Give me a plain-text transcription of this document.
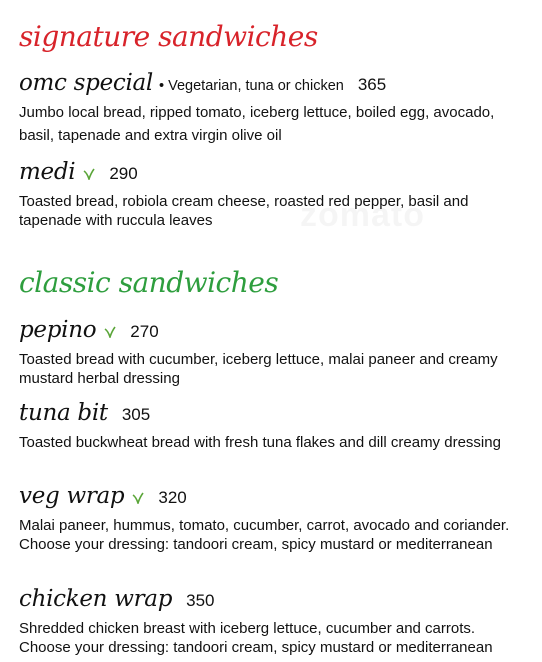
signature sandwiches
omc special • Vegetarian, tuna or chicken 365

Jumbo local bread, ripped tomato, iceberg lettuce, boiled egg, avocado, basil, tapenade and extra virgin olive oil

medi 290

Toasted bread, robiola cream cheese, roasted red pepper, basil and tapenade with ruccula leaves

classic sandwiches
pepino 270

Toasted bread with cucumber, iceberg lettuce, malai paneer and creamy mustard herbal dressing

tuna bit 305

Toasted buckwheat bread with fresh tuna flakes and dill creamy dressing

veg wrap 320

Malai paneer, hummus, tomato, cucumber, carrot, avocado and coriander. Choose your dressing: tandoori cream, spicy mustard or mediterranean

chicken wrap 350

Shredded chicken breast with iceberg lettuce, cucumber and carrots. Choose your dressing: tandoori cream, spicy mustard or mediterranean
